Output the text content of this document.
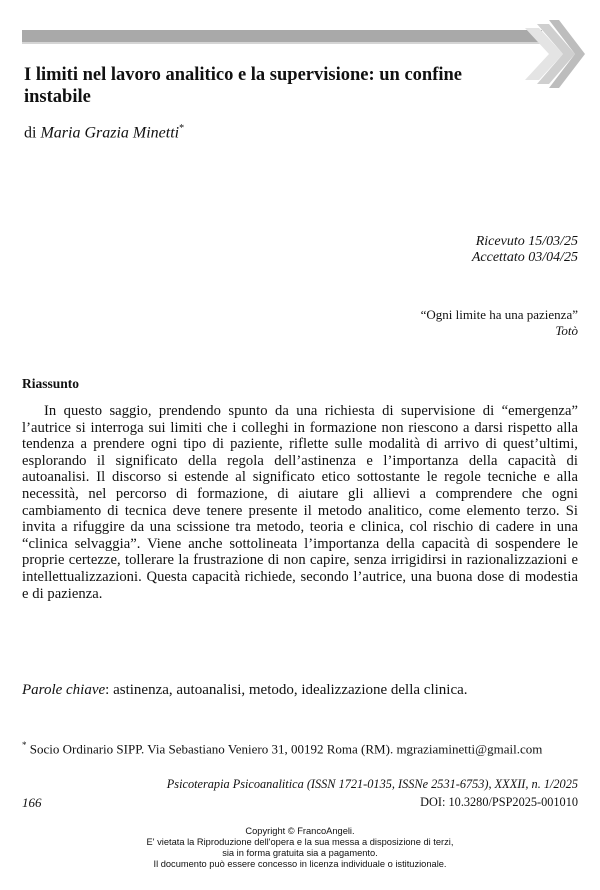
I limiti nel lavoro analitico e la supervisione: un confine instabile
di Maria Grazia Minetti*
Ricevuto 15/03/25
Accettato 03/04/25
“Ogni limite ha una pazienza”
Totò
Riassunto

In questo saggio, prendendo spunto da una richiesta di supervisione di “emergenza” l’autrice si interroga sui limiti che i colleghi in formazione non riescono a darsi rispetto alla tendenza a prendere ogni tipo di paziente, riflette sulle modalità di arrivo di quest’ultimi, esplorando il significato della regola dell’astinenza e l’importanza della capacità di autoanalisi. Il discorso si estende al significato etico sottostante le regole tecniche e alla necessità, nel percorso di formazione, di aiutare gli allievi a comprendere che ogni cambiamento di tecnica deve tenere presente il metodo analitico, come elemento terzo. Si invita a rifuggire da una scissione tra metodo, teoria e clinica, col rischio di cadere in una “clinica selvaggia”. Viene anche sottolineata l’importanza della capacità di sospendere le proprie certezze, tollerare la frustrazione di non capire, senza irrigidirsi in razionalizzazioni e intellettualizzazioni. Questa capacità richiede, secondo l’autrice, una buona dose di modestia e di pazienza.

Parole chiave: astinenza, autoanalisi, metodo, idealizzazione della clinica.

* Socio Ordinario SIPP. Via Sebastiano Veniero 31, 00192 Roma (RM). mgraziaminetti@gmail.com

Psicoterapia Psicoanalitica (ISSN 1721-0135, ISSNe 2531-6753), XXXII, n. 1/2025
166	DOI: 10.3280/PSP2025-001010
Copyright © FrancoAngeli.
E' vietata la Riproduzione dell'opera e la sua messa a disposizione di terzi,
sia in forma gratuita sia a pagamento.
Il documento può essere concesso in licenza individuale o istituzionale.
